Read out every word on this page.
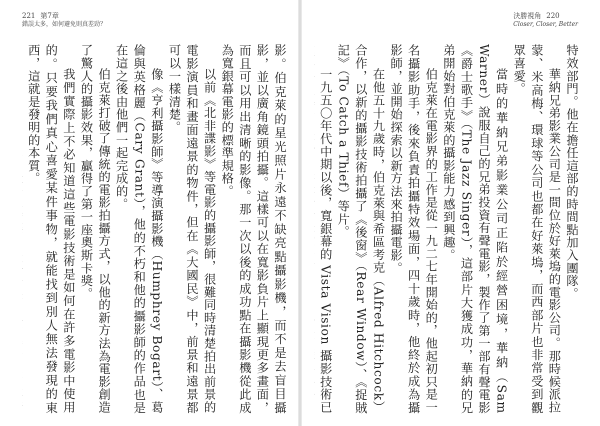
221 第7章
錯誤太多，如何避免則真差勁？

影。伯克萊的星光照片永遠不缺亮點攝影機，而不是去盲目攝影，並以廣角鏡頭拍攝。這樣可以在寬影負片上顯現更多畫面，而且可以用出清晰的影像。那一次以後的成功點在攝影機從此成為寬銀幕電影的標準規格。

以前《北非諜影》等電影的攝影師，很難同時清楚拍出前景的電影演員和畫面遠景的物件，但在《大國民》中，前景和遠景都可以一樣清楚。

像《亨利攝影師》等導演攝影機（Humphrey Bogart）、葛倫與英格麗（Cary Grant），他的不朽和他的攝影師的作品也是在這之後由他們一起完成的。

伯克萊打破了傳統的電影拍攝方式，以他的新方法為電影創造了驚人的攝影效果，贏得了第一座奧斯卡獎。

我們實際上不必知道這些電影技術是如何在許多電影中使用的。只要我們真心喜愛某件事物，就能找到別人無法發現的東西，這就是發明的本質。

決勝視角 220
Closer, Closer, Better

特效部門。他在擔任這部的時間點加入團隊。

華納兄弟影業公司是一間位於好萊塢的電影公司。那時候派拉蒙、米高梅、環球等公司也都在好萊塢，而西部片也非常受到觀眾喜愛。

當時的華納兄弟影業公司正陷於經營困境，華納（Sam Warner）說服自己的兄弟投資有聲電影，製作了第一部有聲電影《爵士歌手》（The Jazz Singer），這部片大獲成功，華納的兄弟開始對伯克萊的攝影能力感到興趣。

伯克萊在電影界的工作是從一九二七年開始的，他起初只是一名攝影助手，後來負責拍攝特效場面，四十歲時，他終於成為攝影師，並開始探索以新方法來拍攝電影。

在他五十九歲時，伯克萊與希區考克（Alfred Hitchcock）合作，以新的攝影技術拍攝了《後窗》（Rear Window）、《捉賊記》（To Catch a Thief）等片。

一九五〇年代中期以後，寬銀幕的 Vista Vision 攝影技術已
